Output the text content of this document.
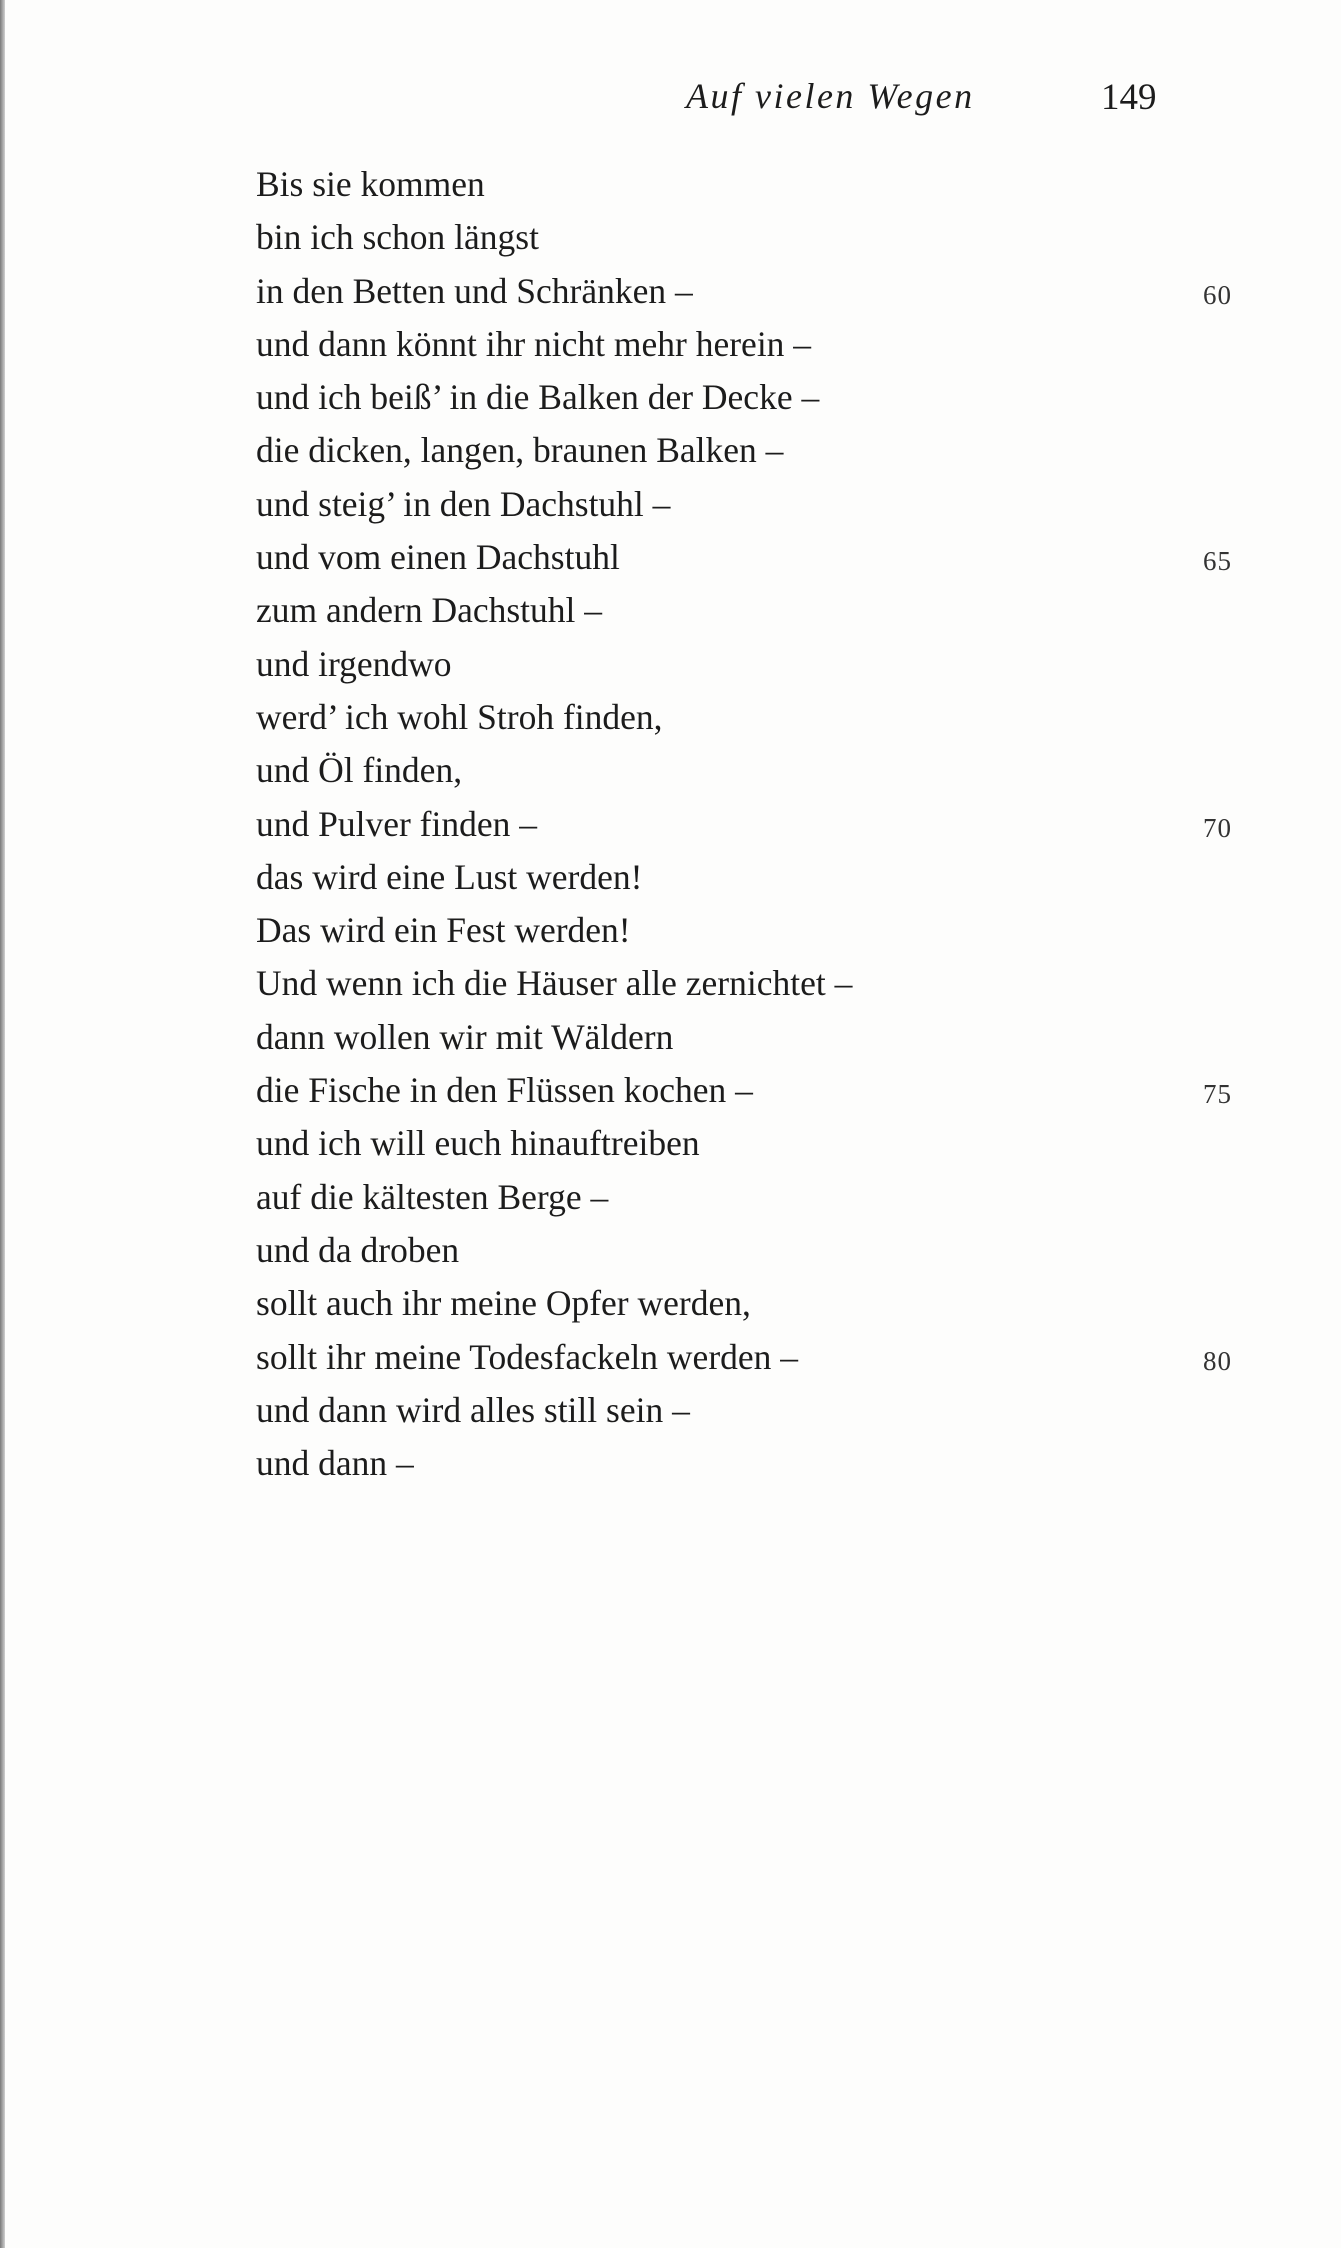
Auf vielen Wegen	149
Bis sie kommen
bin ich schon längst
in den Betten und Schränken –	60
und dann könnt ihr nicht mehr herein –
und ich beiß’ in die Balken der Decke –
die dicken, langen, braunen Balken –
und steig’ in den Dachstuhl –
und vom einen Dachstuhl	65
zum andern Dachstuhl –
und irgendwo
werd’ ich wohl Stroh finden,
und Öl finden,
und Pulver finden –	70
das wird eine Lust werden!
Das wird ein Fest werden!
Und wenn ich die Häuser alle zernichtet –
dann wollen wir mit Wäldern
die Fische in den Flüssen kochen –	75
und ich will euch hinauftreiben
auf die kältesten Berge –
und da droben
sollt auch ihr meine Opfer werden,
sollt ihr meine Todesfackeln werden –	80
und dann wird alles still sein –
und dann –
